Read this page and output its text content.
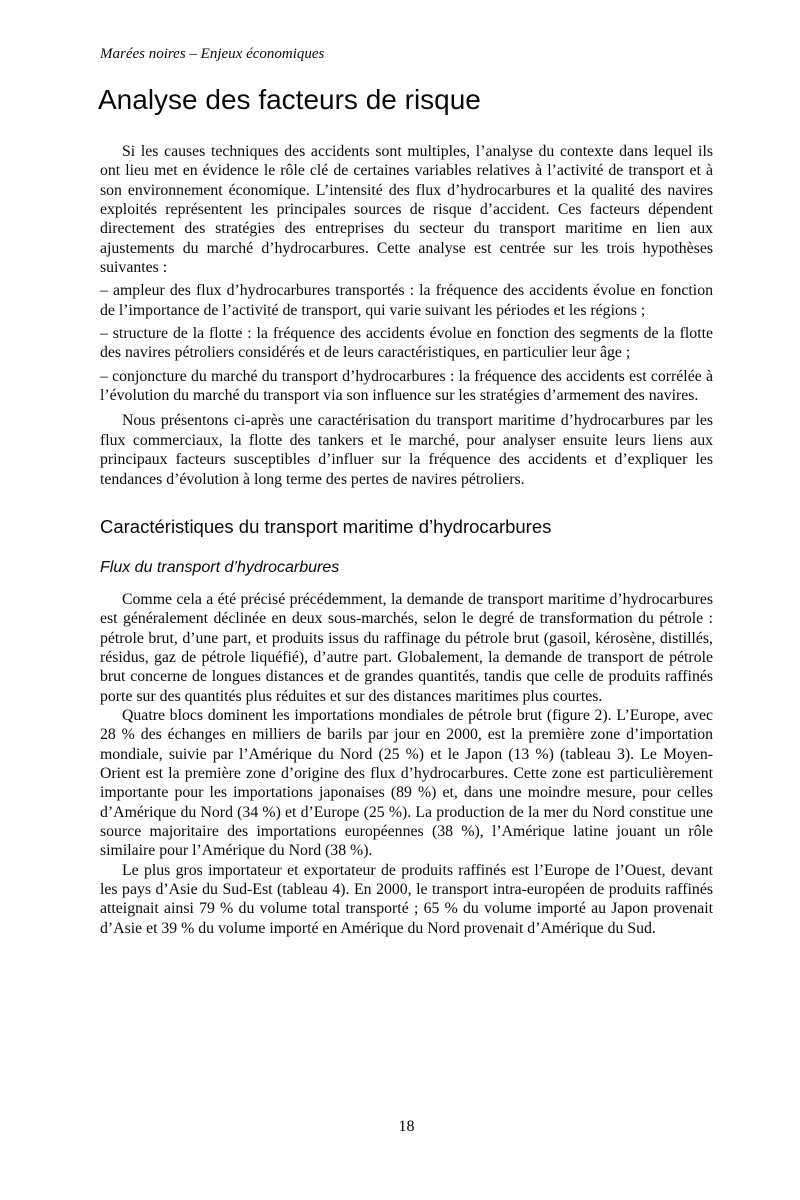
Marées noires – Enjeux économiques
Analyse des facteurs de risque

Si les causes techniques des accidents sont multiples, l’analyse du contexte dans lequel ils ont lieu met en évidence le rôle clé de certaines variables relatives à l’activité de transport et à son environnement économique. L’intensité des flux d’hydrocarbures et la qualité des navires exploités représentent les principales sources de risque d’accident. Ces facteurs dépendent directement des stratégies des entreprises du secteur du transport maritime en lien aux ajustements du marché d’hydrocarbures. Cette analyse est centrée sur les trois hypothèses suivantes :

– ampleur des flux d’hydrocarbures transportés : la fréquence des accidents évolue en fonction de l’importance de l’activité de transport, qui varie suivant les périodes et les régions ;

– structure de la flotte : la fréquence des accidents évolue en fonction des segments de la flotte des navires pétroliers considérés et de leurs caractéristiques, en particulier leur âge ;

– conjoncture du marché du transport d’hydrocarbures : la fréquence des accidents est corrélée à l’évolution du marché du transport via son influence sur les stratégies d’armement des navires.

Nous présentons ci-après une caractérisation du transport maritime d’hydrocarbures par les flux commerciaux, la flotte des tankers et le marché, pour analyser ensuite leurs liens aux principaux facteurs susceptibles d’influer sur la fréquence des accidents et d’expliquer les tendances d’évolution à long terme des pertes de navires pétroliers.

Caractéristiques du transport maritime d’hydrocarbures
Flux du transport d’hydrocarbures

Comme cela a été précisé précédemment, la demande de transport maritime d’hydrocarbures est généralement déclinée en deux sous-marchés, selon le degré de transformation du pétrole : pétrole brut, d’une part, et produits issus du raffinage du pétrole brut (gasoil, kérosène, distillés, résidus, gaz de pétrole liquéfié), d’autre part. Globalement, la demande de transport de pétrole brut concerne de longues distances et de grandes quantités, tandis que celle de produits raffinés porte sur des quantités plus réduites et sur des distances maritimes plus courtes.

Quatre blocs dominent les importations mondiales de pétrole brut (figure 2). L’Europe, avec 28 % des échanges en milliers de barils par jour en 2000, est la première zone d’importation mondiale, suivie par l’Amérique du Nord (25 %) et le Japon (13 %) (tableau 3). Le Moyen-Orient est la première zone d’origine des flux d’hydrocarbures. Cette zone est particulièrement importante pour les importations japonaises (89 %) et, dans une moindre mesure, pour celles d’Amérique du Nord (34 %) et d’Europe (25 %). La production de la mer du Nord constitue une source majoritaire des importations européennes (38 %), l’Amérique latine jouant un rôle similaire pour l’Amérique du Nord (38 %).

Le plus gros importateur et exportateur de produits raffinés est l’Europe de l’Ouest, devant les pays d’Asie du Sud-Est (tableau 4). En 2000, le transport intra-européen de produits raffinés atteignait ainsi 79 % du volume total transporté ; 65 % du volume importé au Japon provenait d’Asie et 39 % du volume importé en Amérique du Nord provenait d’Amérique du Sud.

18
